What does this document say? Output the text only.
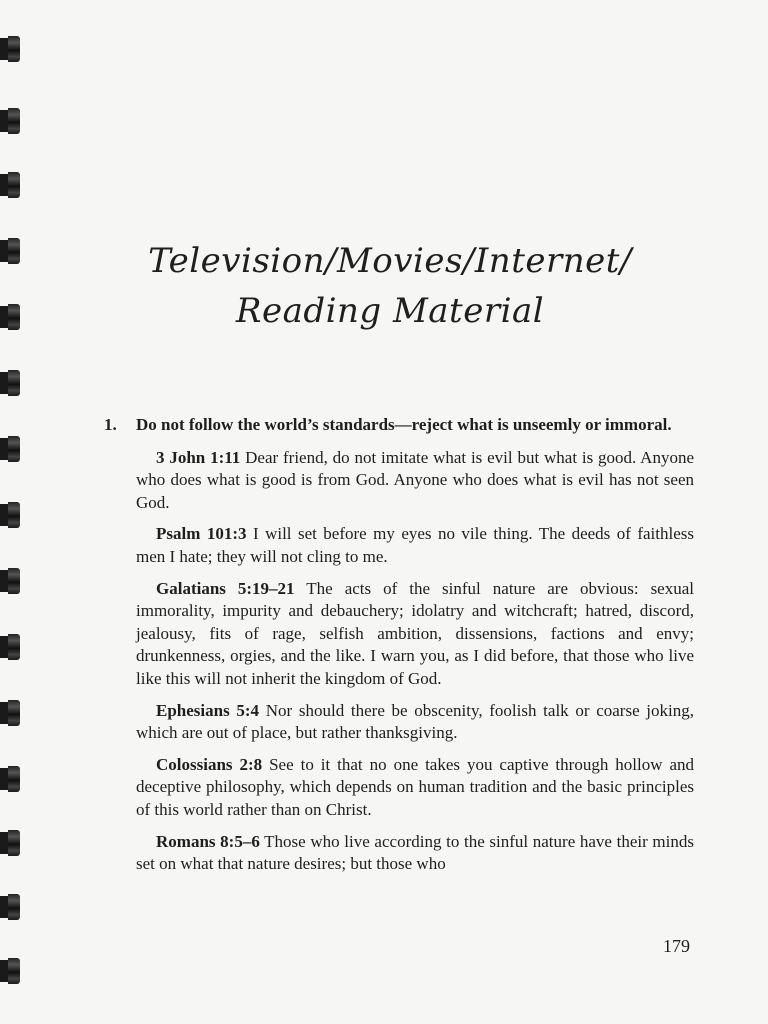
Television/Movies/Internet/
Reading Material
1.	Do not follow the world’s standards—reject what is unseemly or immoral.

3 John 1:11 Dear friend, do not imitate what is evil but what is good. Anyone who does what is good is from God. Anyone who does what is evil has not seen God.

Psalm 101:3 I will set before my eyes no vile thing. The deeds of faithless men I hate; they will not cling to me.

Galatians 5:19–21 The acts of the sinful nature are obvious: sexual immorality, impurity and debauchery; idolatry and witchcraft; hatred, discord, jealousy, fits of rage, selfish ambition, dissensions, factions and envy; drunkenness, orgies, and the like. I warn you, as I did before, that those who live like this will not inherit the kingdom of God.

Ephesians 5:4 Nor should there be obscenity, foolish talk or coarse joking, which are out of place, but rather thanksgiving.

Colossians 2:8 See to it that no one takes you captive through hollow and deceptive philosophy, which depends on human tradition and the basic principles of this world rather than on Christ.

Romans 8:5–6 Those who live according to the sinful nature have their minds set on what that nature desires; but those who

179
